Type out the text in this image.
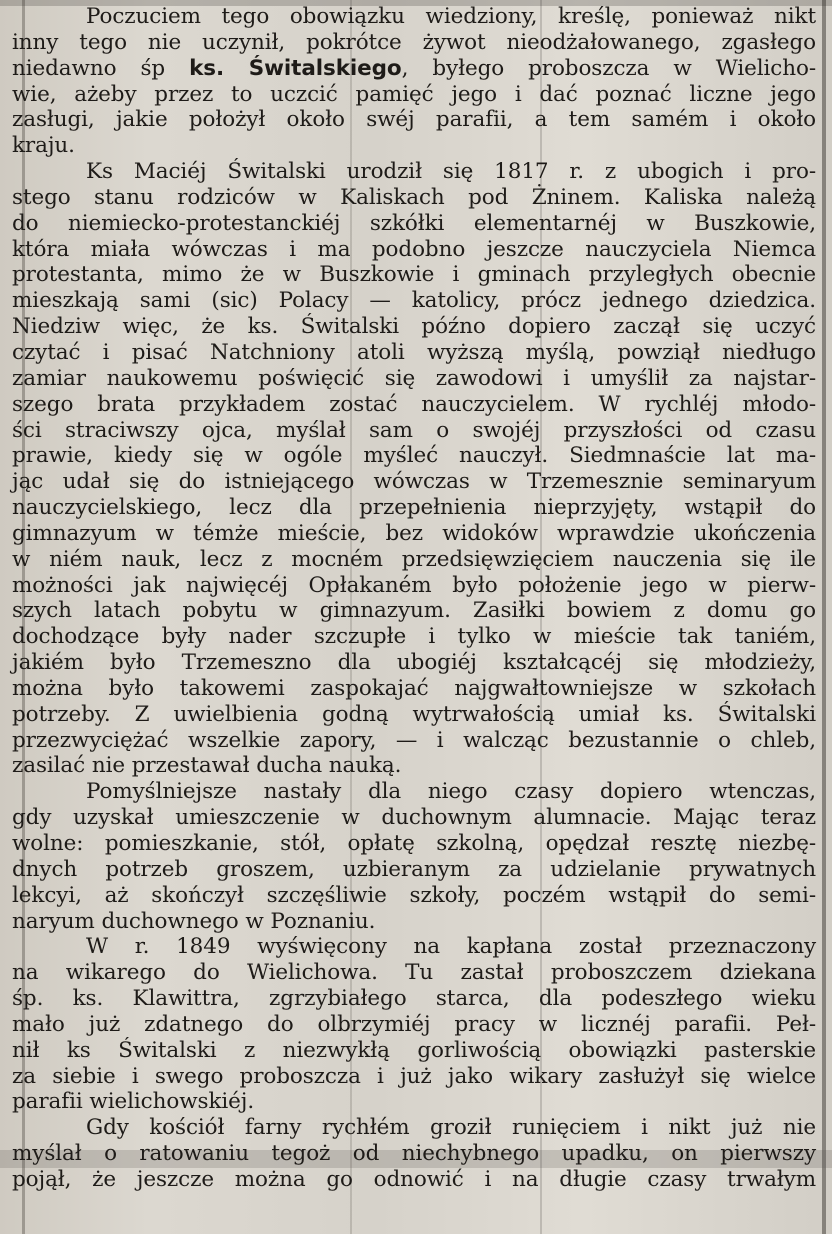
Poczuciem tego obowiązku wiedziony, kreślę, ponieważ nikt
inny tego nie uczynił, pokrótce żywot nieodżałowanego, zgasłego
niedawno śp ks. Świtalskiego, byłego proboszcza w Wielicho-
wie, ażeby przez to uczcić pamięć jego i dać poznać liczne jego
zasługi, jakie położył około swéj parafii, a tem samém i około
kraju.
Ks Maciéj Świtalski urodził się 1817 r. z ubogich i pro-
stego stanu rodziców w Kaliskach pod Żninem. Kaliska należą
do niemiecko-protestanckiéj szkółki elementarnéj w Buszkowie,
która miała wówczas i ma podobno jeszcze nauczyciela Niemca
protestanta, mimo że w Buszkowie i gminach przyległych obecnie
mieszkają sami (sic) Polacy — katolicy, prócz jednego dziedzica.
Niedziw więc, że ks. Świtalski późno dopiero zaczął się uczyć
czytać i pisać Natchniony atoli wyższą myślą, powziął niedługo
zamiar naukowemu poświęcić się zawodowi i umyślił za najstar-
szego brata przykładem zostać nauczycielem. W rychléj młodo-
ści straciwszy ojca, myślał sam o swojéj przyszłości od czasu
prawie, kiedy się w ogóle myśleć nauczył. Siedmnaście lat ma-
jąc udał się do istniejącego wówczas w Trzemesznie seminaryum
nauczycielskiego, lecz dla przepełnienia nieprzyjęty, wstąpił do
gimnazyum w témże mieście, bez widoków wprawdzie ukończenia
w niém nauk, lecz z mocném przedsięwzięciem nauczenia się ile
możności jak najwięcéj Opłakaném było położenie jego w pierw-
szych latach pobytu w gimnazyum. Zasiłki bowiem z domu go
dochodzące były nader szczupłe i tylko w mieście tak taniém,
jakiém było Trzemeszno dla ubogiéj kształcącéj się młodzieży,
można było takowemi zaspokajać najgwałtowniejsze w szkołach
potrzeby. Z uwielbienia godną wytrwałością umiał ks. Świtalski
przezwyciężać wszelkie zapory, — i walcząc bezustannie o chleb,
zasilać nie przestawał ducha nauką.
Pomyślniejsze nastały dla niego czasy dopiero wtenczas,
gdy uzyskał umieszczenie w duchownym alumnacie. Mając teraz
wolne: pomieszkanie, stół, opłatę szkolną, opędzał resztę niezbę-
dnych potrzeb groszem, uzbieranym za udzielanie prywatnych
lekcyi, aż skończył szczęśliwie szkoły, poczém wstąpił do semi-
naryum duchownego w Poznaniu.
W r. 1849 wyświęcony na kapłana został przeznaczony
na wikarego do Wielichowa. Tu zastał proboszczem dziekana
śp. ks. Klawittra, zgrzybiałego starca, dla podeszłego wieku
mało już zdatnego do olbrzymiéj pracy w licznéj parafii. Peł-
nił ks Świtalski z niezwykłą gorliwością obowiązki pasterskie
za siebie i swego proboszcza i już jako wikary zasłużył się wielce
parafii wielichowskiéj.
Gdy kościół farny rychłém groził runięciem i nikt już nie
myślał o ratowaniu tegoż od niechybnego upadku, on pierwszy
pojął, że jeszcze można go odnowić i na długie czasy trwałym
